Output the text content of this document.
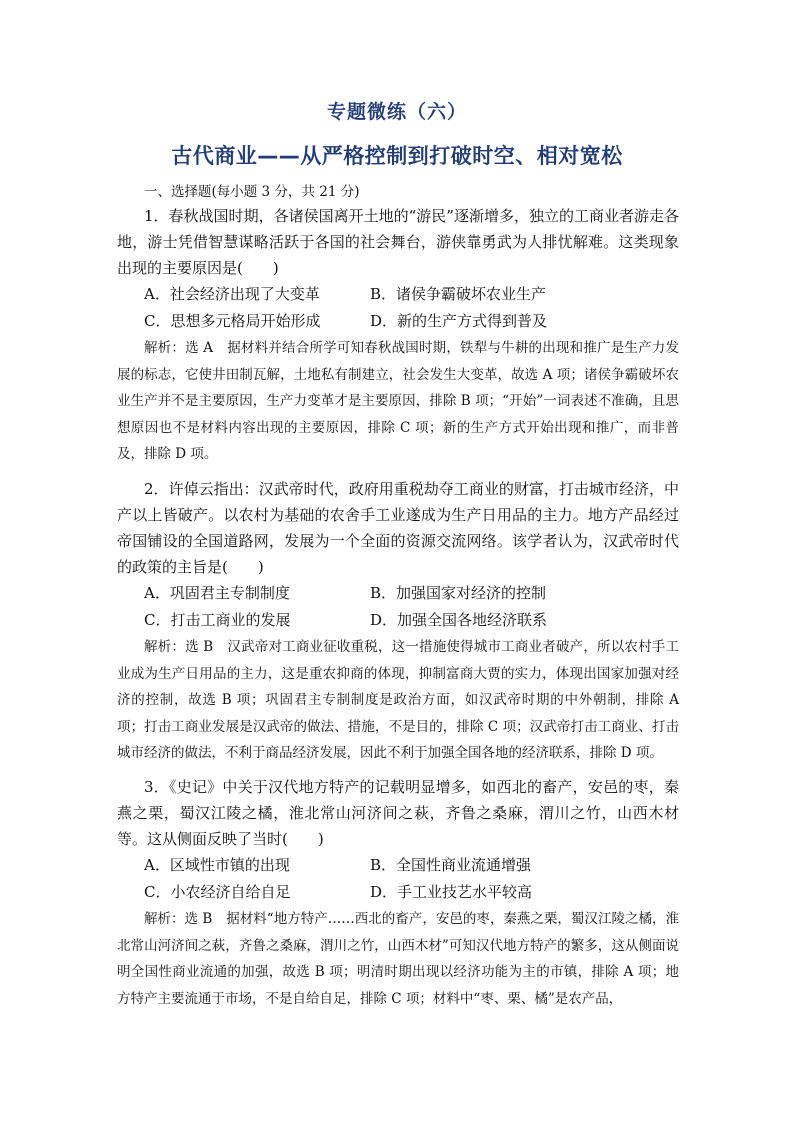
专题微练（六）
古代商业——从严格控制到打破时空、相对宽松
一、选择题(每小题 3 分，共 21 分)

1．春秋战国时期，各诸侯国离开土地的“游民”逐渐增多，独立的工商业者游走各地，游士凭借智慧谋略活跃于各国的社会舞台，游侠靠勇武为人排忧解难。这类现象出现的主要原因是(　　)

A．社会经济出现了大变革	B．诸侯争霸破坏农业生产
C．思想多元格局开始形成	D．新的生产方式得到普及

解析：选 A 据材料并结合所学可知春秋战国时期，铁犁与牛耕的出现和推广是生产力发展的标志，它使井田制瓦解，土地私有制建立，社会发生大变革，故选 A 项；诸侯争霸破坏农业生产并不是主要原因，生产力变革才是主要原因，排除 B 项；“开始”一词表述不准确，且思想原因也不是材料内容出现的主要原因，排除 C 项；新的生产方式开始出现和推广，而非普及，排除 D 项。

2．许倬云指出：汉武帝时代，政府用重税劫夺工商业的财富，打击城市经济，中产以上皆破产。以农村为基础的农舍手工业遂成为生产日用品的主力。地方产品经过帝国铺设的全国道路网，发展为一个全面的资源交流网络。该学者认为，汉武帝时代的政策的主旨是(　　)

A．巩固君主专制制度	B．加强国家对经济的控制
C．打击工商业的发展	D．加强全国各地经济联系

解析：选 B 汉武帝对工商业征收重税，这一措施使得城市工商业者破产，所以农村手工业成为生产日用品的主力，这是重农抑商的体现，抑制富商大贾的实力，体现出国家加强对经济的控制，故选 B 项；巩固君主专制制度是政治方面，如汉武帝时期的中外朝制，排除 A 项；打击工商业发展是汉武帝的做法、措施，不是目的，排除 C 项；汉武帝打击工商业、打击城市经济的做法，不利于商品经济发展，因此不利于加强全国各地的经济联系，排除 D 项。

3．《史记》中关于汉代地方特产的记载明显增多，如西北的畜产，安邑的枣，秦燕之栗，蜀汉江陵之橘，淮北常山河济间之萩，齐鲁之桑麻，渭川之竹，山西木材等。这从侧面反映了当时(　　)

A．区域性市镇的出现	B．全国性商业流通增强
C．小农经济自给自足	D．手工业技艺水平较高

解析：选 B 据材料“地方特产……西北的畜产，安邑的枣，秦燕之栗，蜀汉江陵之橘，淮北常山河济间之萩，齐鲁之桑麻，渭川之竹，山西木材”可知汉代地方特产的繁多，这从侧面说明全国性商业流通的加强，故选 B 项；明清时期出现以经济功能为主的市镇，排除 A 项；地方特产主要流通于市场，不是自给自足，排除 C 项；材料中“枣、栗、橘”是农产品，
